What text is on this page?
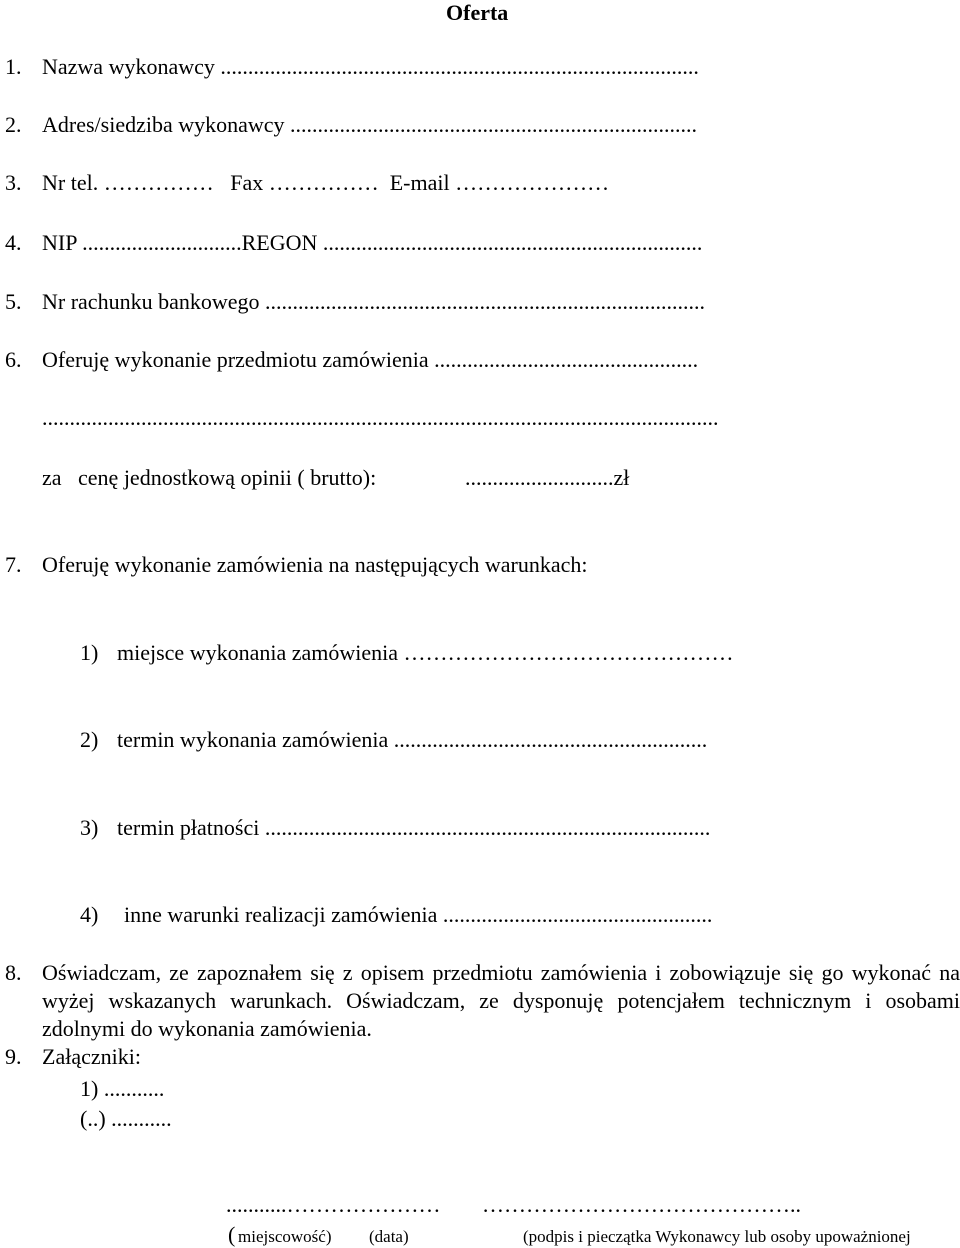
Oferta
1. Nazwa wykonawcy .......................................................................................
2. Adres/siedziba wykonawcy ..........................................................................
3. Nr tel. ……………   Fax ……………  E-mail …………………
4. NIP .............................REGON .....................................................................
5. Nr rachunku bankowego ................................................................................
6. Oferuję wykonanie przedmiotu zamówienia ................................................
...........................................................................................................................
za   cenę jednostkową opinii ( brutto):	...........................zł
7. Oferuję wykonanie zamówienia na następujących warunkach:
1) miejsce wykonania zamówienia ………………………………………
2) termin wykonania zamówienia .........................................................
3) termin płatności .................................................................................
4) inne warunki realizacji zamówienia .................................................
8. Oświadczam, ze zapoznałem się z opisem przedmiotu zamówienia i zobowiązuje się go wykonać na wyżej wskazanych warunkach. Oświadczam, ze dysponuję potencjałem technicznym i osobami zdolnymi do wykonania zamówienia.
9. Załączniki:
1) ...........
(..) ...........
...........………………… ……………………………………..
( miejscowość) (data)	(podpis i pieczątka Wykonawcy lub osoby upoważnionej
